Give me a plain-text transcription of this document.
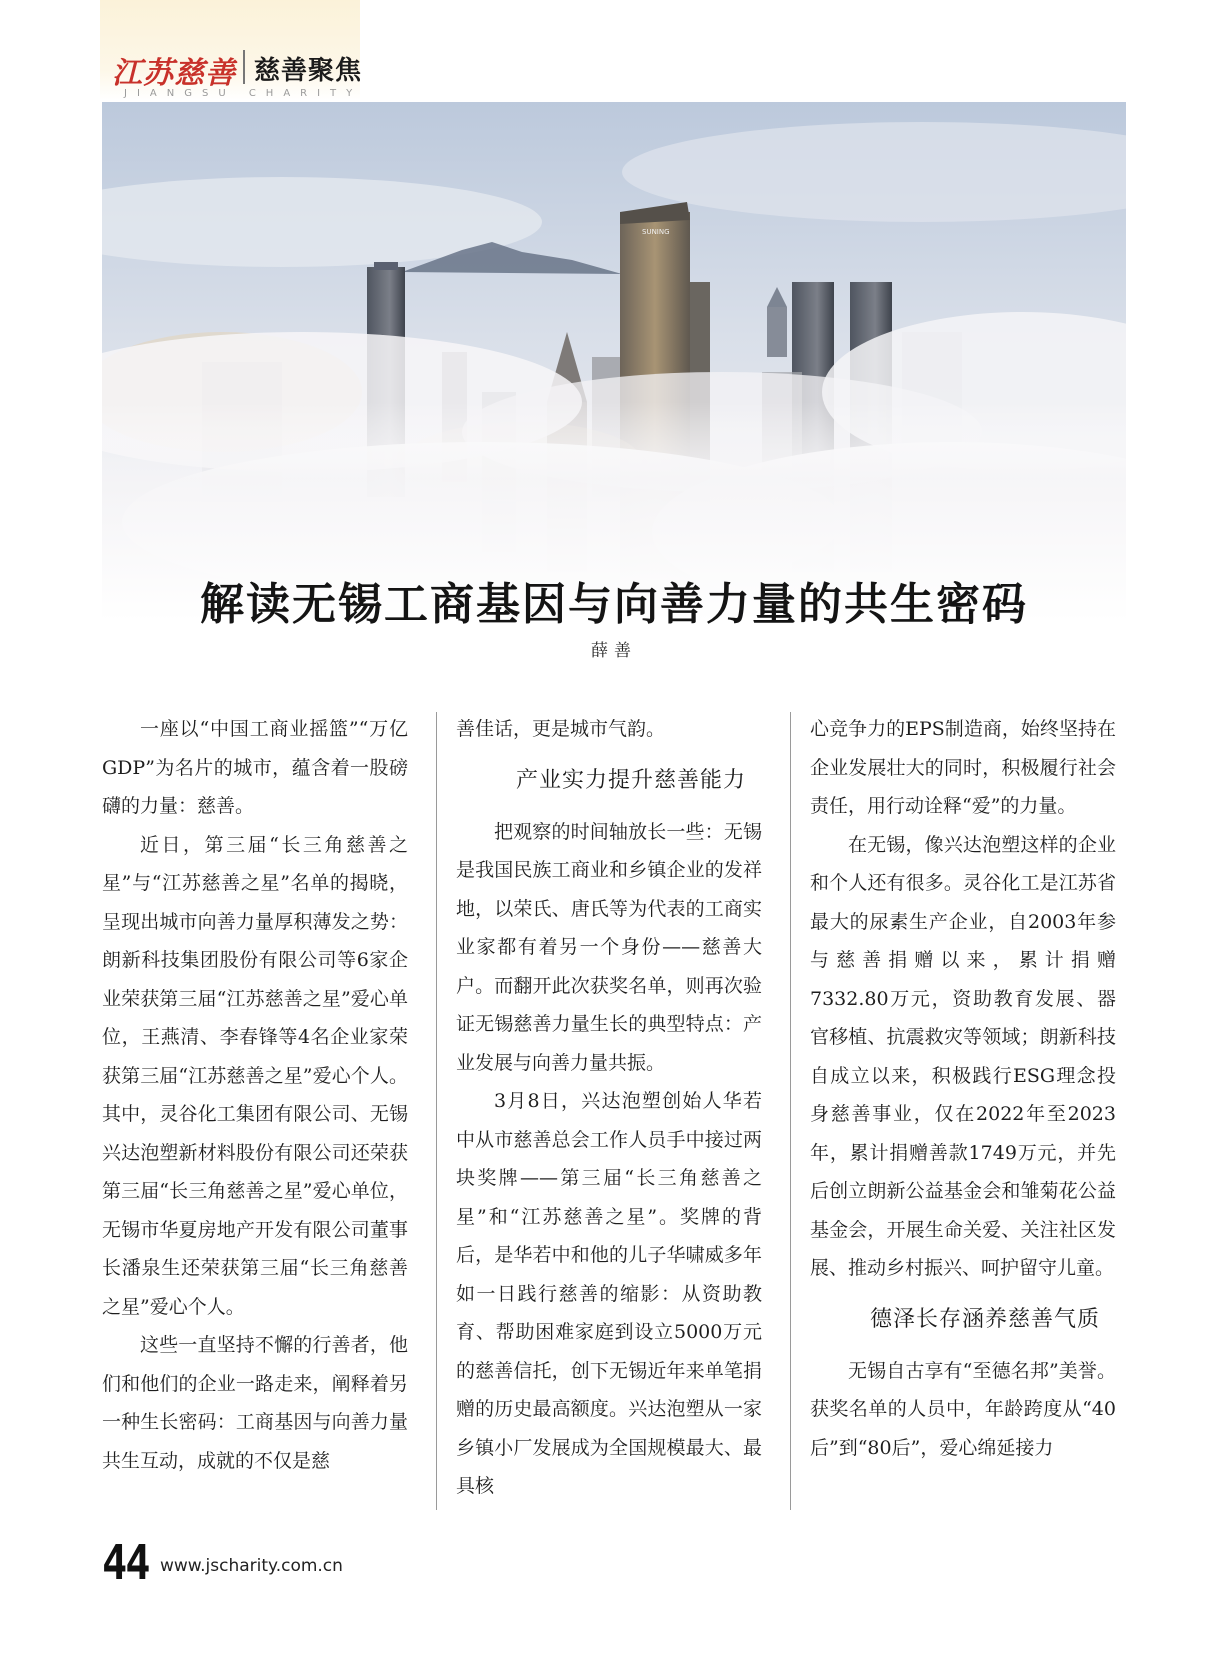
江苏慈善 慈善聚焦
JIANGSU CHARITY
SUNING
解读无锡工商基因与向善力量的共生密码
薛善

一座以“中国工商业摇篮”“万亿GDP”为名片的城市，蕴含着一股磅礴的力量：慈善。

近日，第三届“长三角慈善之星”与“江苏慈善之星”名单的揭晓，呈现出城市向善力量厚积薄发之势：朗新科技集团股份有限公司等6家企业荣获第三届“江苏慈善之星”爱心单位，王燕清、李春锋等4名企业家荣获第三届“江苏慈善之星”爱心个人。其中，灵谷化工集团有限公司、无锡兴达泡塑新材料股份有限公司还荣获第三届“长三角慈善之星”爱心单位，无锡市华夏房地产开发有限公司董事长潘泉生还荣获第三届“长三角慈善之星”爱心个人。

这些一直坚持不懈的行善者，他们和他们的企业一路走来，阐释着另一种生长密码：工商基因与向善力量共生互动，成就的不仅是慈

善佳话，更是城市气韵。

产业实力提升慈善能力

把观察的时间轴放长一些：无锡是我国民族工商业和乡镇企业的发祥地，以荣氏、唐氏等为代表的工商实业家都有着另一个身份——慈善大户。而翻开此次获奖名单，则再次验证无锡慈善力量生长的典型特点：产业发展与向善力量共振。

3月8日，兴达泡塑创始人华若中从市慈善总会工作人员手中接过两块奖牌——第三届“长三角慈善之星”和“江苏慈善之星”。奖牌的背后，是华若中和他的儿子华啸威多年如一日践行慈善的缩影：从资助教育、帮助困难家庭到设立5000万元的慈善信托，创下无锡近年来单笔捐赠的历史最高额度。兴达泡塑从一家乡镇小厂发展成为全国规模最大、最具核

心竞争力的EPS制造商，始终坚持在企业发展壮大的同时，积极履行社会责任，用行动诠释“爱”的力量。

在无锡，像兴达泡塑这样的企业和个人还有很多。灵谷化工是江苏省最大的尿素生产企业，自2003年参与慈善捐赠以来，累计捐赠7332.80万元，资助教育发展、器官移植、抗震救灾等领域；朗新科技自成立以来，积极践行ESG理念投身慈善事业，仅在2022年至2023年，累计捐赠善款1749万元，并先后创立朗新公益基金会和雏菊花公益基金会，开展生命关爱、关注社区发展、推动乡村振兴、呵护留守儿童。

德泽长存涵养慈善气质

无锡自古享有“至德名邦”美誉。获奖名单的人员中，年龄跨度从“40后”到“80后”，爱心绵延接力

44 www.jscharity.com.cn
